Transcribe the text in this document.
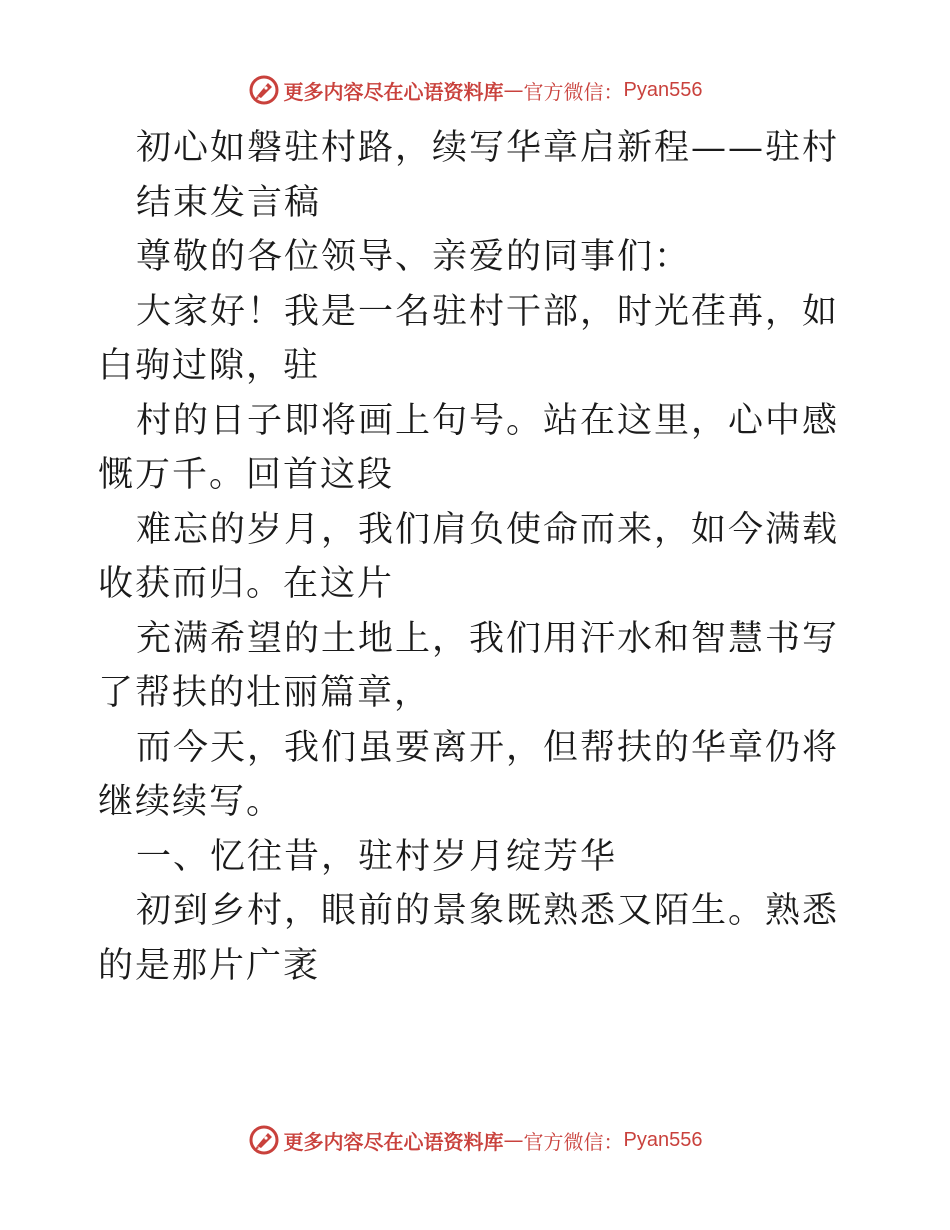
更多内容尽在心语资料库 — 官方微信： Pyan556

初心如磐驻村路，续写华章启新程——驻村

结束发言稿

尊敬的各位领导、亲爱的同事们：

大家好！我是一名驻村干部，时光荏苒，如白驹过隙，驻

村的日子即将画上句号。站在这里，心中感慨万千。回首这段

难忘的岁月，我们肩负使命而来，如今满载收获而归。在这片

充满希望的土地上，我们用汗水和智慧书写了帮扶的壮丽篇章，

而今天，我们虽要离开，但帮扶的华章仍将继续续写。

一、忆往昔，驻村岁月绽芳华

初到乡村，眼前的景象既熟悉又陌生。熟悉的是那片广袤

更多内容尽在心语资料库 — 官方微信： Pyan556
